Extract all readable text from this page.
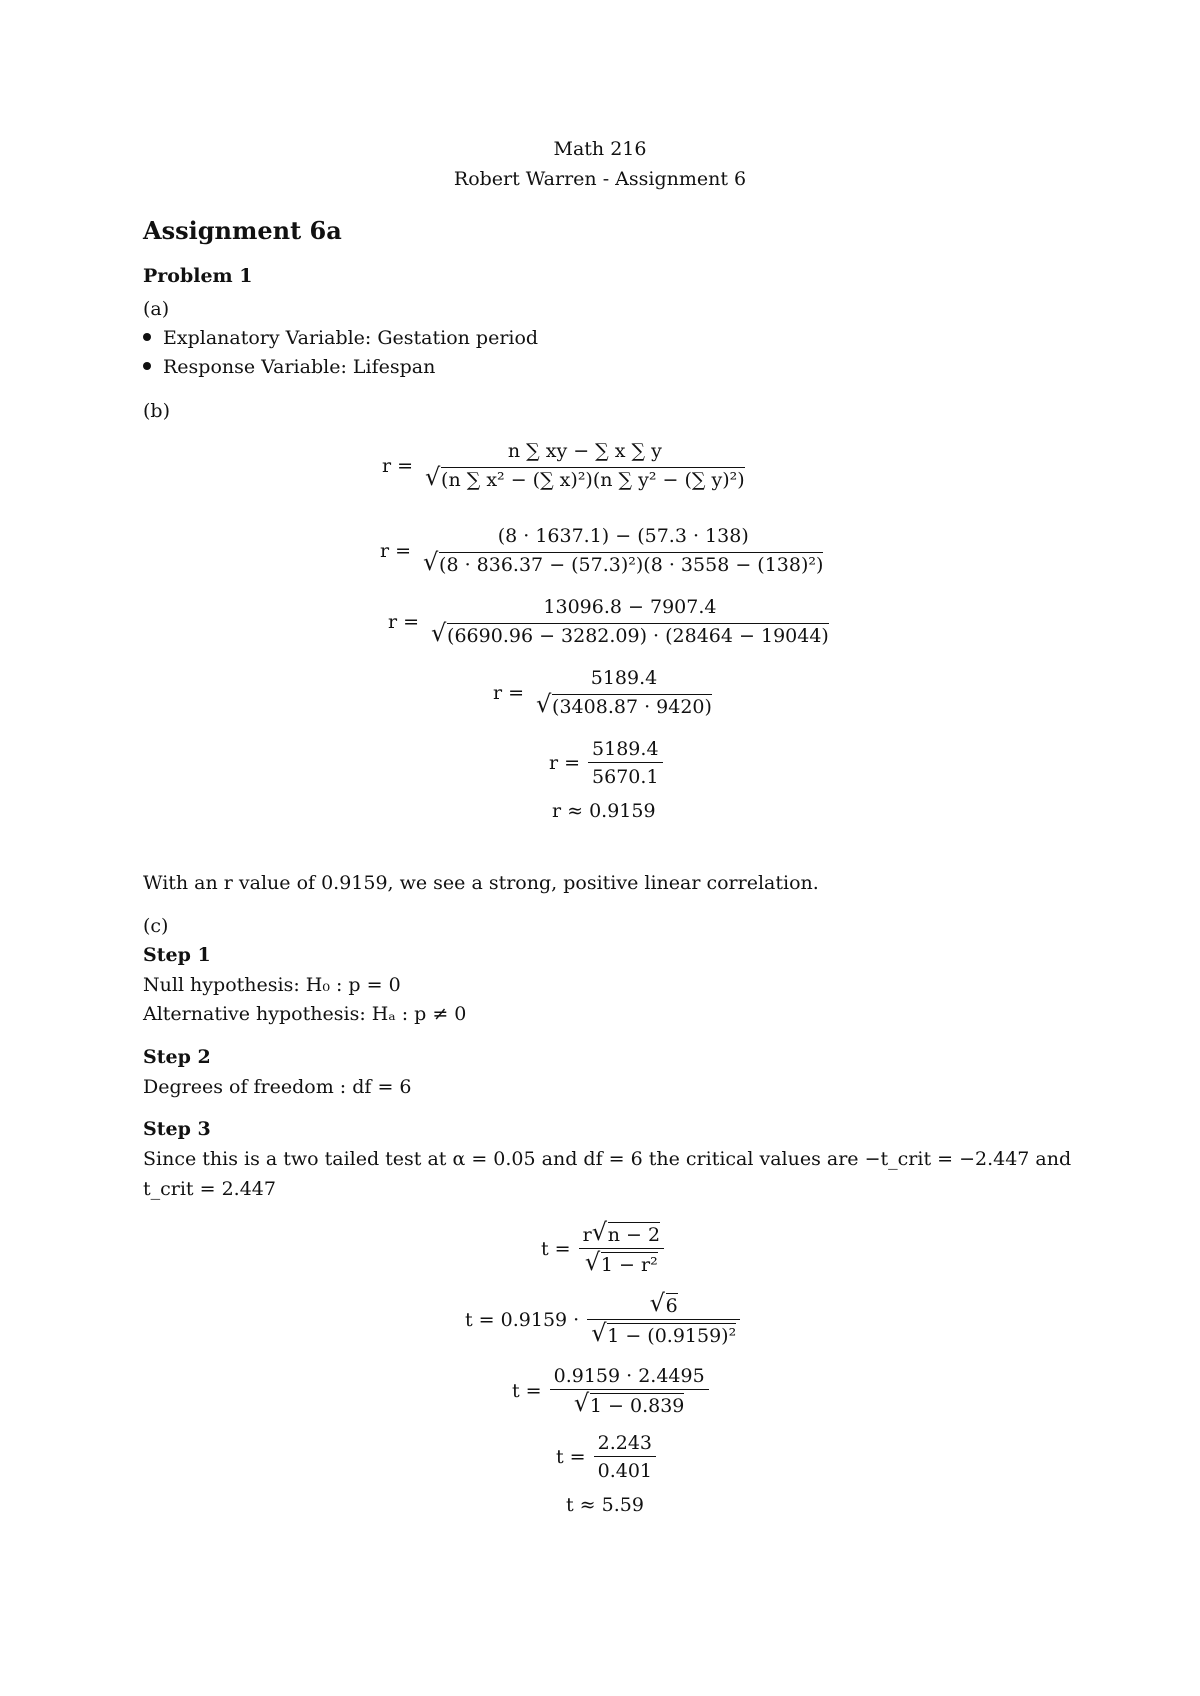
Math 216
Robert Warren - Assignment 6
Assignment 6a
Problem 1
(a)
Explanatory Variable: Gestation period
Response Variable: Lifespan
(b)
r =
n ∑ xy − ∑ x ∑ y
√ (n ∑ x² − (∑ x)²)(n ∑ y² − (∑ y)²)
r =
(8 · 1637.1) − (57.3 · 138)
√ (8 · 836.37 − (57.3)²)(8 · 3558 − (138)²)
r =
13096.8 − 7907.4
√ (6690.96 − 3282.09) · (28464 − 19044)
r =
5189.4
√ (3408.87 · 9420)
$r = \frac{5189.4}{5670.1}$
r ≈ 0.9159
With an r value of 0.9159, we see a strong, positive linear correlation.
(c)
Step 1
Null hypothesis: H₀ : p = 0
Alternative hypothesis: Hₐ : p ≠ 0
Step 2
Degrees of freedom : df = 6
Step 3
Since this is a two tailed test at α = 0.05 and df = 6 the critical values are −t_crit = −2.447 and
t_crit = 2.447
$t = \frac{r √ n - 2}{\text{√ 1 − r²}}$
$t = 0.9159 \cdot \frac{√ 6}{\text{√ 1 − (0.9159)²}}$
$t = \frac{0.9159 \cdot 2.4495}{√ 1 - 0.839}$
$t = \frac{2.243}{0.401}$
t ≈ 5.59
